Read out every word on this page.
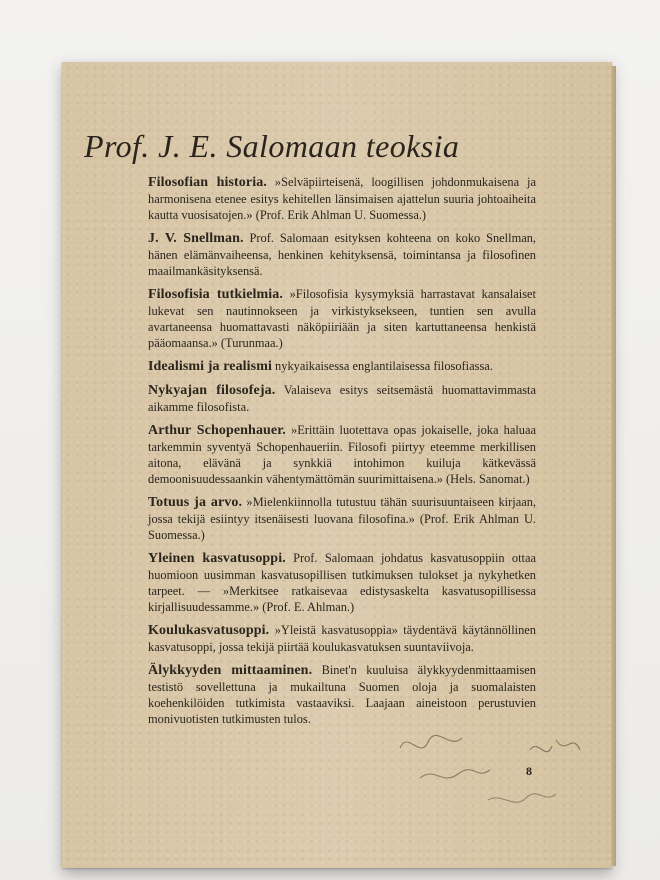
Prof. J. E. Salomaan teoksia
Filosofian historia. »Selväpiirteisenä, loogillisen johdonmukaisena ja harmonisena etenee esitys kehitellen länsimaisen ajattelun suuria johtoaiheita kautta vuosisatojen.» (Prof. Erik Ahlman U. Suomessa.)
J. V. Snellman. Prof. Salomaan esityksen kohteena on koko Snellman, hänen elämänvaiheensa, henkinen kehityksensä, toimintansa ja filosofinen maailmankäsityksensä.
Filosofisia tutkielmia. »Filosofisia kysymyksiä harrastavat kansalaiset lukevat sen nautinnokseen ja virkistyksekseen, tuntien sen avulla avartaneensa huomattavasti näköpiiriään ja siten kartuttaneensa henkistä pääomaansa.» (Turunmaa.)
Idealismi ja realismi nykyaikaisessa englantilaisessa filosofiassa.
Nykyajan filosofeja. Valaiseva esitys seitsemästä huomattavimmasta aikamme filosofista.
Arthur Schopenhauer. »Erittäin luotettava opas jokaiselle, joka haluaa tarkemmin syventyä Schopenhaueriin. Filosofi piirtyy eteemme merkillisen aitona, elävänä ja synkkiä intohimon kuiluja kätkevässä demoonisuudessaankin vähentymättömän suurimittaisena.» (Hels. Sanomat.)
Totuus ja arvo. »Mielenkiinnolla tutustuu tähän suurisuuntaiseen kirjaan, jossa tekijä esiintyy itsenäisesti luovana filosofina.» (Prof. Erik Ahlman U. Suomessa.)
Yleinen kasvatusoppi. Prof. Salomaan johdatus kasvatusoppiin ottaa huomioon uusimman kasvatusopillisen tutkimuksen tulokset ja nykyhetken tarpeet. — »Merkitsee ratkaisevaa edistysaskelta kasvatusopillisessa kirjallisuudessamme.» (Prof. E. Ahlman.)
Koulukasvatusoppi. »Yleistä kasvatusoppia» täydentävä käytännöllinen kasvatusoppi, jossa tekijä piirtää koulukasvatuksen suuntaviivoja.
Älykkyyden mittaaminen. Binet'n kuuluisa älykkyydenmittaamisen testistö sovellettuna ja mukailtuna Suomen oloja ja suomalaisten koehenkilöiden tutkimista vastaaviksi. Laajaan aineistoon perustuvien monivuotisten tutkimusten tulos.
8
